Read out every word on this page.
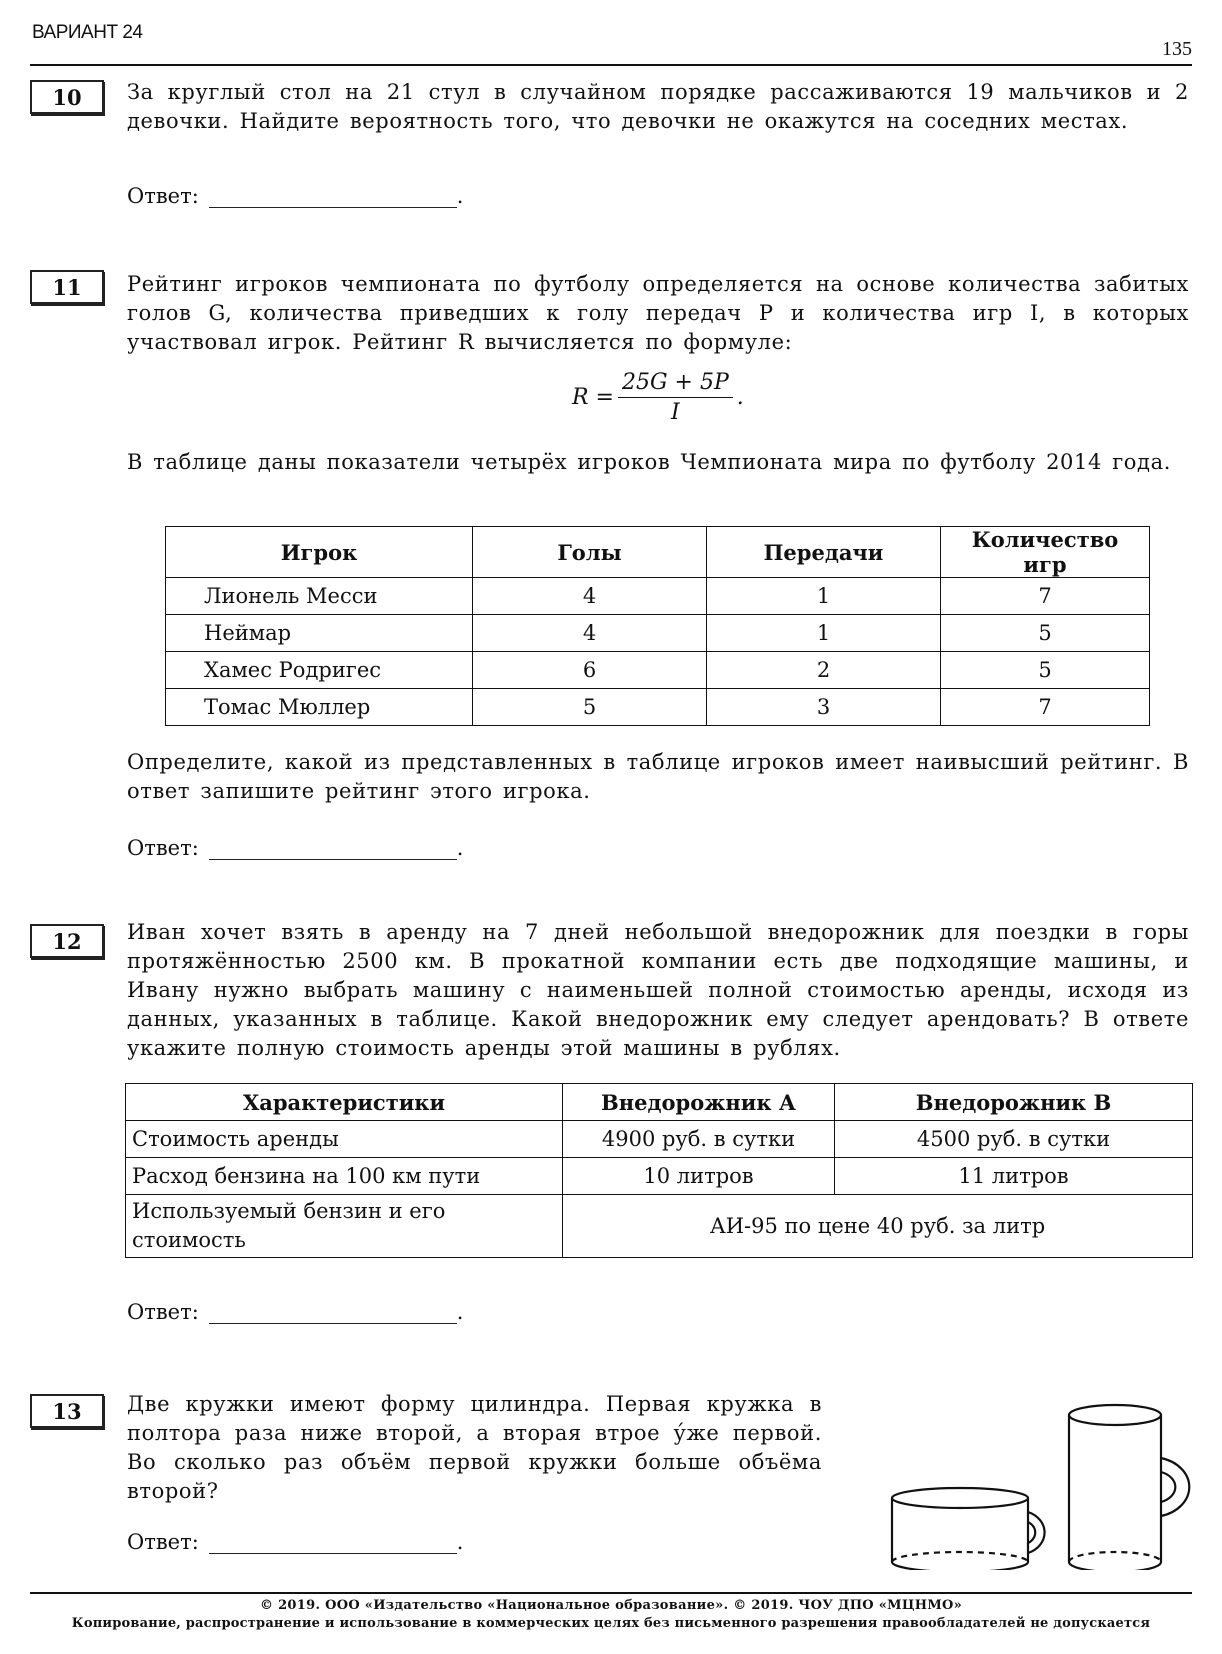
ВАРИАНТ 24
135
10	За круглый стол на 21 стул в случайном порядке рассаживаются 19 мальчиков и 2 девочки. Найдите вероятность того, что девочки не окажутся на соседних местах.
Ответ:	.
11	Рейтинг игроков чемпионата по футболу определяется на основе количества забитых голов G, количества приведших к голу передач P и количества игр I, в которых участвовал игрок. Рейтинг R вычисляется по формуле:
$R = \frac{25G + 5P}{I}$ .
В таблице даны показатели четырёх игроков Чемпионата мира по футболу 2014 года.
Игрок	Голы	Передачи	Количество игр
Лионель Месси	4	1	7
Неймар	4	1	5
Хамес Родригес	6	2	5
Томас Мюллер	5	3	7
Определите, какой из представленных в таблице игроков имеет наивысший рейтинг. В ответ запишите рейтинг этого игрока.
Ответ:	.
12	Иван хочет взять в аренду на 7 дней небольшой внедорожник для поездки в горы протяжённостью 2500 км. В прокатной компании есть две подходящие машины, и Ивану нужно выбрать машину с наименьшей полной стоимостью аренды, исходя из данных, указанных в таблице. Какой внедорожник ему следует арендовать? В ответе укажите полную стоимость аренды этой машины в рублях.
Характеристики	Внедорожник А	Внедорожник В
Стоимость аренды	4900 руб. в сутки	4500 руб. в сутки
Расход бензина на 100 км пути	10 литров	11 литров
Используемый бензин и его стоимость	АИ-95 по цене 40 руб. за литр	
Ответ:	.
13	Две кружки имеют форму цилиндра. Первая кружка в полтора раза ниже второй, а вторая втрое у́же первой. Во сколько раз объём первой кружки больше объёма второй?
Ответ:	.
© 2019. ООО «Издательство «Национальное образование». © 2019. ЧОУ ДПО «МЦНМО»
Копирование, распространение и использование в коммерческих целях без письменного разрешения правообладателей не допускается
